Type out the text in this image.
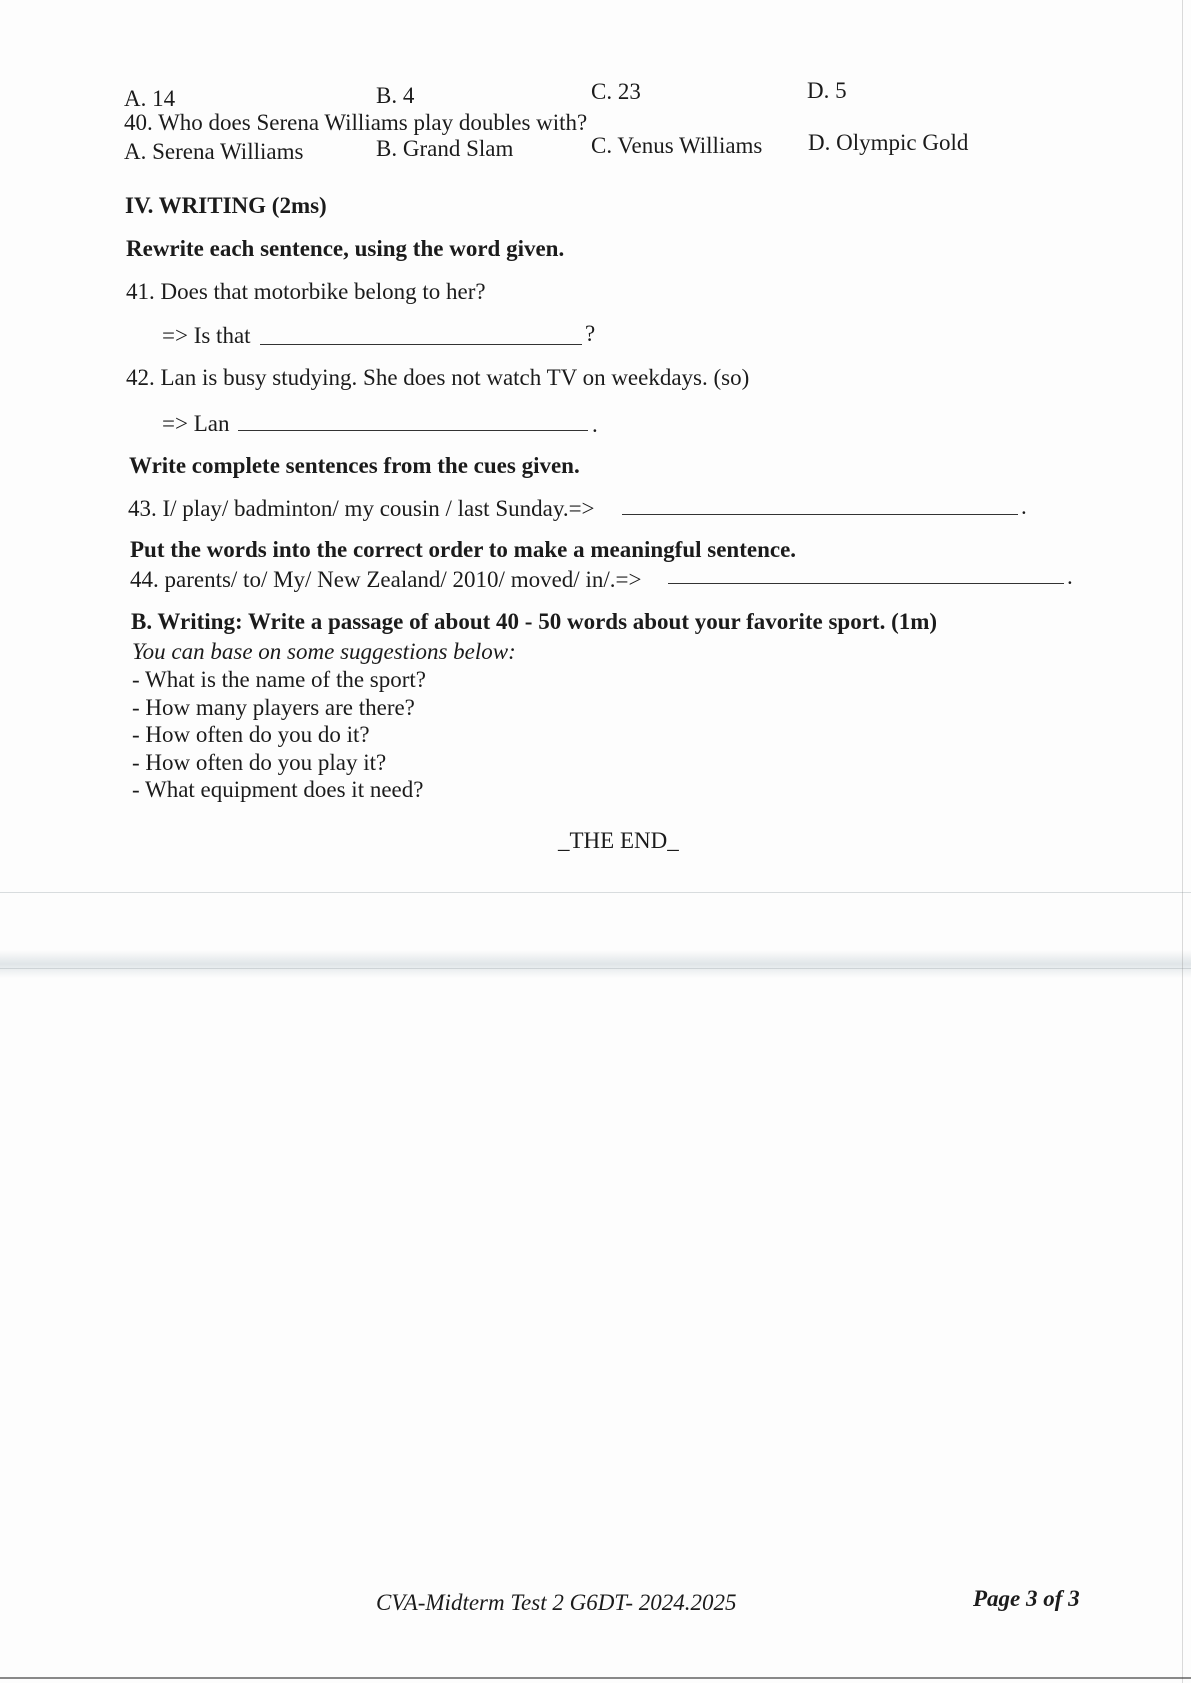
A. 14	B. 4	C. 23	D. 5
40. Who does Serena Williams play doubles with?
A. Serena Williams	B. Grand Slam	C. Venus Williams D. Olympic Gold
IV. WRITING (2ms)
Rewrite each sentence, using the word given.
41. Does that motorbike belong to her?
=> Is that	?
42. Lan is busy studying. She does not watch TV on weekdays. (so)
=> Lan	.
Write complete sentences from the cues given.
43. I/ play/ badminton/ my cousin / last Sunday.=>	.
Put the words into the correct order to make a meaningful sentence.
44. parents/ to/ My/ New Zealand/ 2010/ moved/ in/.=>	.
B. Writing: Write a passage of about 40 - 50 words about your favorite sport. (1m)
You can base on some suggestions below:
- What is the name of the sport?
- How many players are there?
- How often do you do it?
- How often do you play it?
- What equipment does it need?
_THE END_
CVA-Midterm Test 2 G6DT- 2024.2025	Page 3 of 3
